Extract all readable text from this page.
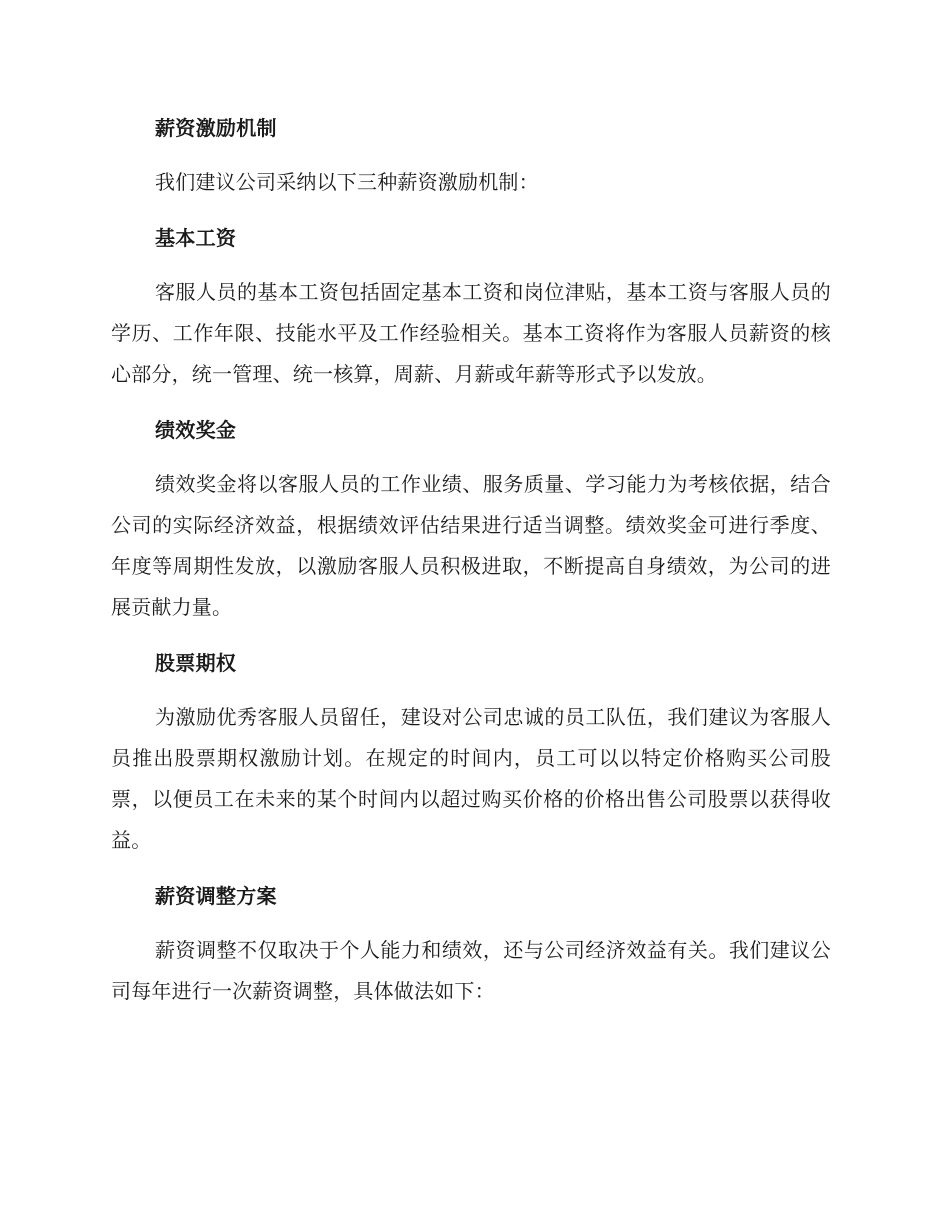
薪资激励机制

我们建议公司采纳以下三种薪资激励机制：

基本工资

客服人员的基本工资包括固定基本工资和岗位津贴，基本工资与客服人员的学历、工作年限、技能水平及工作经验相关。基本工资将作为客服人员薪资的核心部分，统一管理、统一核算，周薪、月薪或年薪等形式予以发放。

绩效奖金

绩效奖金将以客服人员的工作业绩、服务质量、学习能力为考核依据，结合公司的实际经济效益，根据绩效评估结果进行适当调整。绩效奖金可进行季度、年度等周期性发放，以激励客服人员积极进取，不断提高自身绩效，为公司的进展贡献力量。

股票期权

为激励优秀客服人员留任，建设对公司忠诚的员工队伍，我们建议为客服人员推出股票期权激励计划。在规定的时间内，员工可以以特定价格购买公司股票，以便员工在未来的某个时间内以超过购买价格的价格出售公司股票以获得收益。

薪资调整方案

薪资调整不仅取决于个人能力和绩效，还与公司经济效益有关。我们建议公司每年进行一次薪资调整，具体做法如下：
